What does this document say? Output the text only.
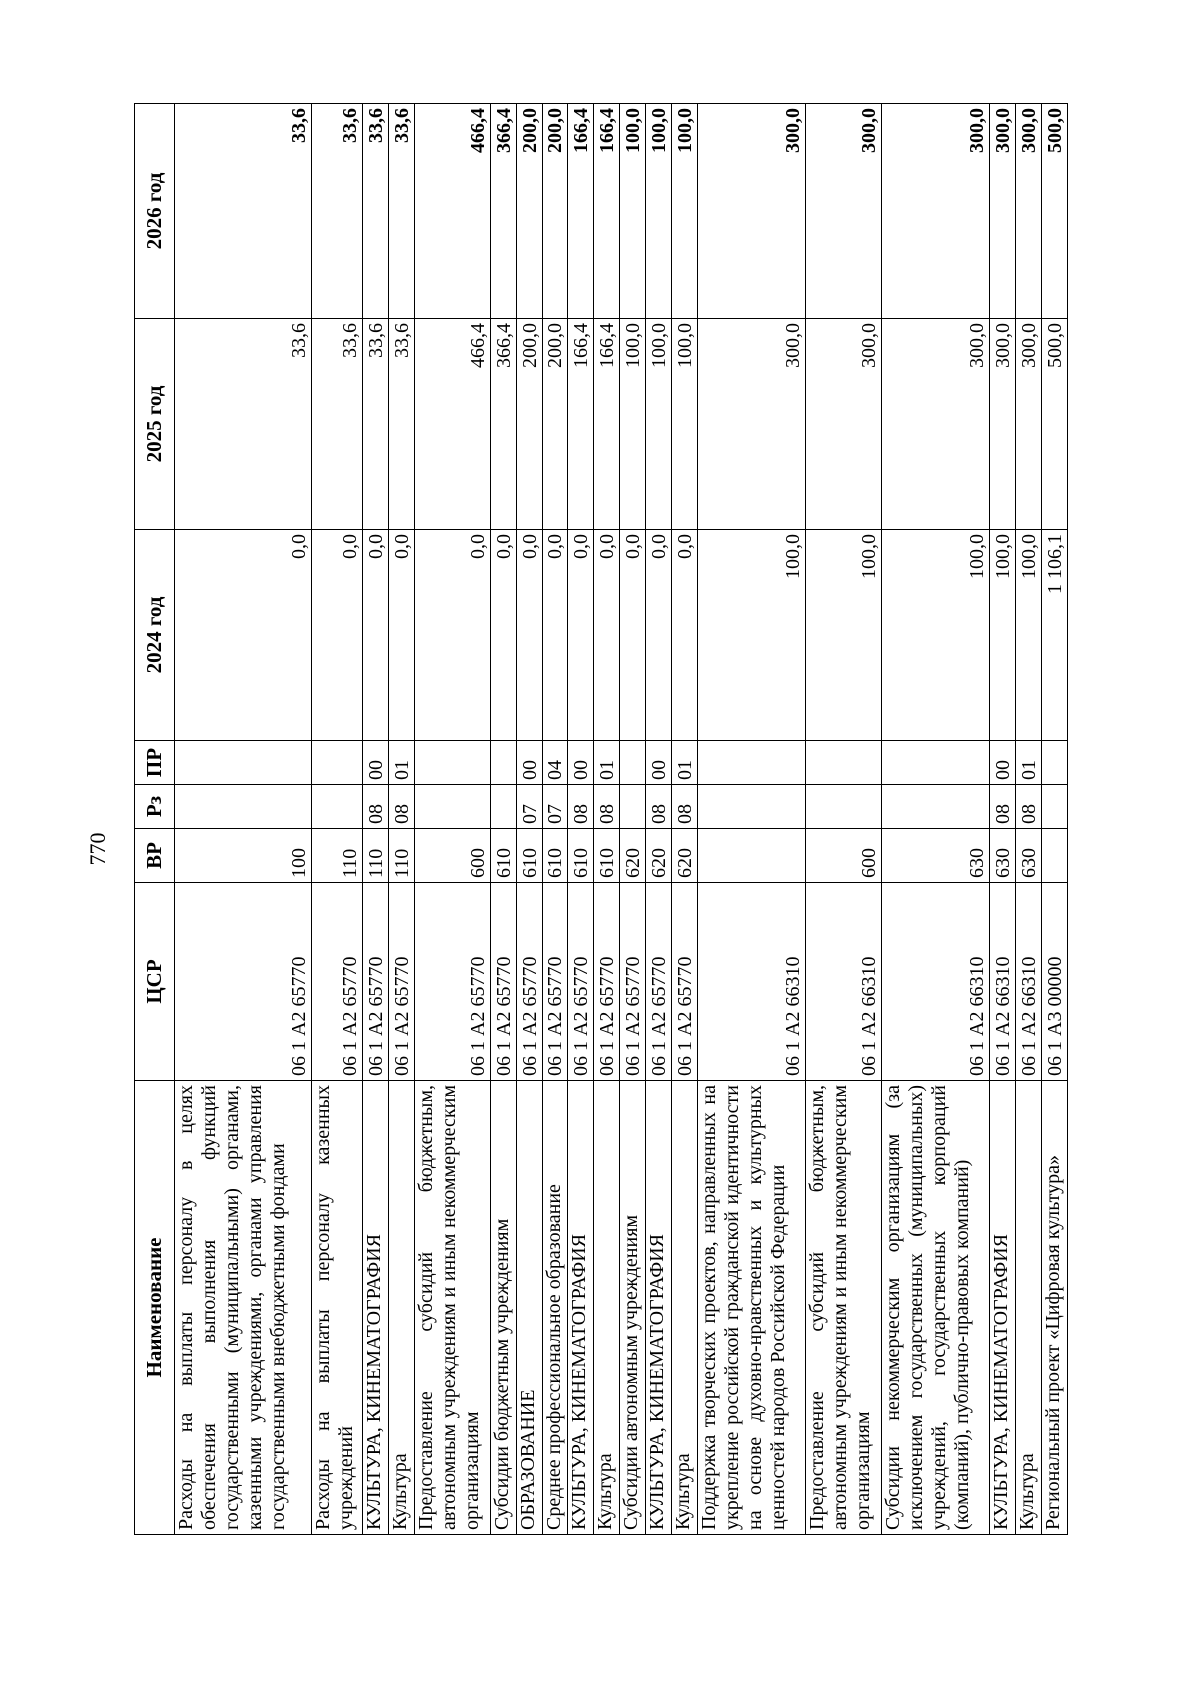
770
Наименование	ЦСР	ВР	Рз	ПР	2024 год	2025 год	2026 год
Расходы на выплаты персоналу в целях обеспечения выполнения функций государственными (муниципальными) органами, казенными учреждениями, органами управления государственными внебюджетными фондами	06 1 А2 65770	100			0,0	33,6	33,6
Расходы на выплаты персоналу казенных учреждений	06 1 А2 65770	110			0,0	33,6	33,6
КУЛЬТУРА, КИНЕМАТОГРАФИЯ	06 1 А2 65770	110	08	00	0,0	33,6	33,6
Культура	06 1 А2 65770	110	08	01	0,0	33,6	33,6
Предоставление субсидий бюджетным, автономным учреждениям и иным некоммерческим организациям	06 1 А2 65770	600			0,0	466,4	466,4
Субсидии бюджетным учреждениям	06 1 А2 65770	610			0,0	366,4	366,4
ОБРАЗОВАНИЕ	06 1 А2 65770	610	07	00	0,0	200,0	200,0
Среднее профессиональное образование	06 1 А2 65770	610	07	04	0,0	200,0	200,0
КУЛЬТУРА, КИНЕМАТОГРАФИЯ	06 1 А2 65770	610	08	00	0,0	166,4	166,4
Культура	06 1 А2 65770	610	08	01	0,0	166,4	166,4
Субсидии автономным учреждениям	06 1 А2 65770	620			0,0	100,0	100,0
КУЛЬТУРА, КИНЕМАТОГРАФИЯ	06 1 А2 65770	620	08	00	0,0	100,0	100,0
Культура	06 1 А2 65770	620	08	01	0,0	100,0	100,0
Поддержка творческих проектов, направленных на укрепление российской гражданской идентичности на основе духовно-нравственных и культурных ценностей народов Российской Федерации	06 1 А2 66310				100,0	300,0	300,0
Предоставление субсидий бюджетным, автономным учреждениям и иным некоммерческим организациям	06 1 А2 66310	600			100,0	300,0	300,0
Субсидии некоммерческим организациям (за исключением государственных (муниципальных) учреждений, государственных корпораций (компаний), публично-правовых компаний)	06 1 А2 66310	630			100,0	300,0	300,0
КУЛЬТУРА, КИНЕМАТОГРАФИЯ	06 1 А2 66310	630	08	00	100,0	300,0	300,0
Культура	06 1 А2 66310	630	08	01	100,0	300,0	300,0
Региональный проект «Цифровая культура»	06 1 А3 00000				1 106,1	500,0	500,0
